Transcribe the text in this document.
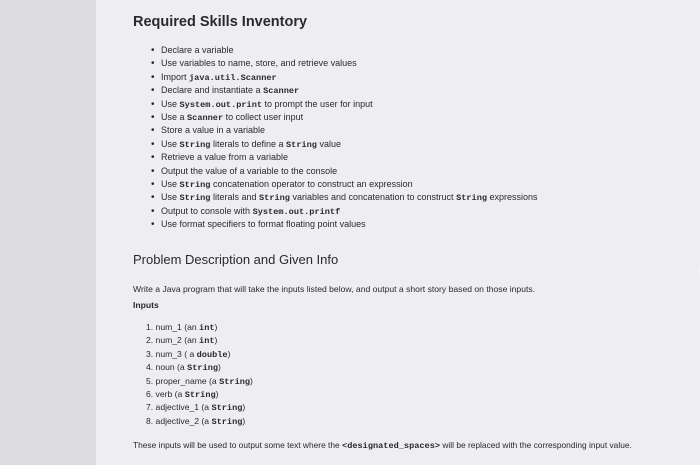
Required Skills Inventory
• Declare a variable
• Use variables to name, store, and retrieve values
• Import java.util.Scanner
• Declare and instantiate a Scanner
• Use System.out.print to prompt the user for input
• Use a Scanner to collect user input
• Store a value in a variable
• Use String literals to define a String value
• Retrieve a value from a variable
• Output the value of a variable to the console
• Use String concatenation operator to construct an expression
• Use String literals and String variables and concatenation to construct String expressions
• Output to console with System.out.printf
• Use format specifiers to format floating point values
Problem Description and Given Info

Write a Java program that will take the inputs listed below, and output a short story based on those inputs.

Inputs

1. num_1 (an int)
2. num_2 (an int)
3. num_3 ( a double)
4. noun (a String)
5. proper_name (a String)
6. verb (a String)
7. adjective_1 (a String)
8. adjective_2 (a String)

These inputs will be used to output some text where the <designated_spaces> will be replaced with the corresponding input value.
